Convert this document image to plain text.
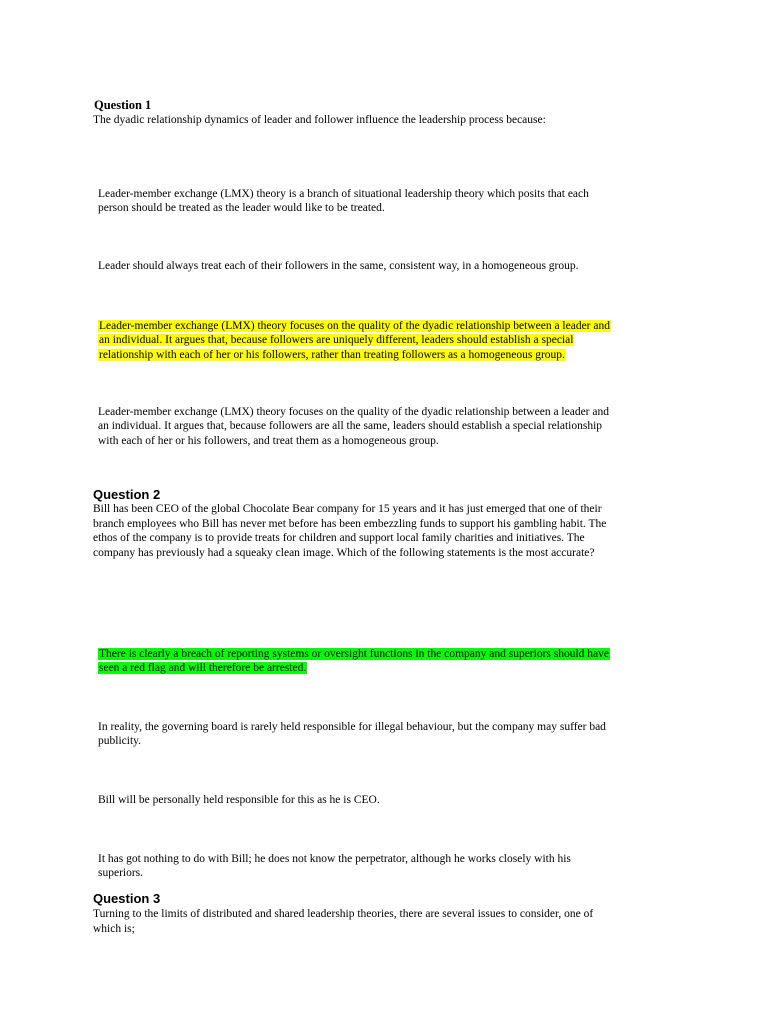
Question 1
The dyadic relationship dynamics of leader and follower influence the leadership process because:

Leader-member exchange (LMX) theory is a branch of situational leadership theory which posits that each
person should be treated as the leader would like to be treated.

Leader should always treat each of their followers in the same, consistent way, in a homogeneous group.

Leader-member exchange (LMX) theory focuses on the quality of the dyadic relationship between a leader and
an individual. It argues that, because followers are uniquely different, leaders should establish a special
relationship with each of her or his followers, rather than treating followers as a homogeneous group.

Leader-member exchange (LMX) theory focuses on the quality of the dyadic relationship between a leader and
an individual. It argues that, because followers are all the same, leaders should establish a special relationship
with each of her or his followers, and treat them as a homogeneous group.

Question 2
Bill has been CEO of the global Chocolate Bear company for 15 years and it has just emerged that one of their
branch employees who Bill has never met before has been embezzling funds to support his gambling habit. The
ethos of the company is to provide treats for children and support local family charities and initiatives. The
company has previously had a squeaky clean image. Which of the following statements is the most accurate?

There is clearly a breach of reporting systems or oversight functions in the company and superiors should have
seen a red flag and will therefore be arrested.

In reality, the governing board is rarely held responsible for illegal behaviour, but the company may suffer bad
publicity.

Bill will be personally held responsible for this as he is CEO.

It has got nothing to do with Bill; he does not know the perpetrator, although he works closely with his
superiors.

Question 3
Turning to the limits of distributed and shared leadership theories, there are several issues to consider, one of
which is;
